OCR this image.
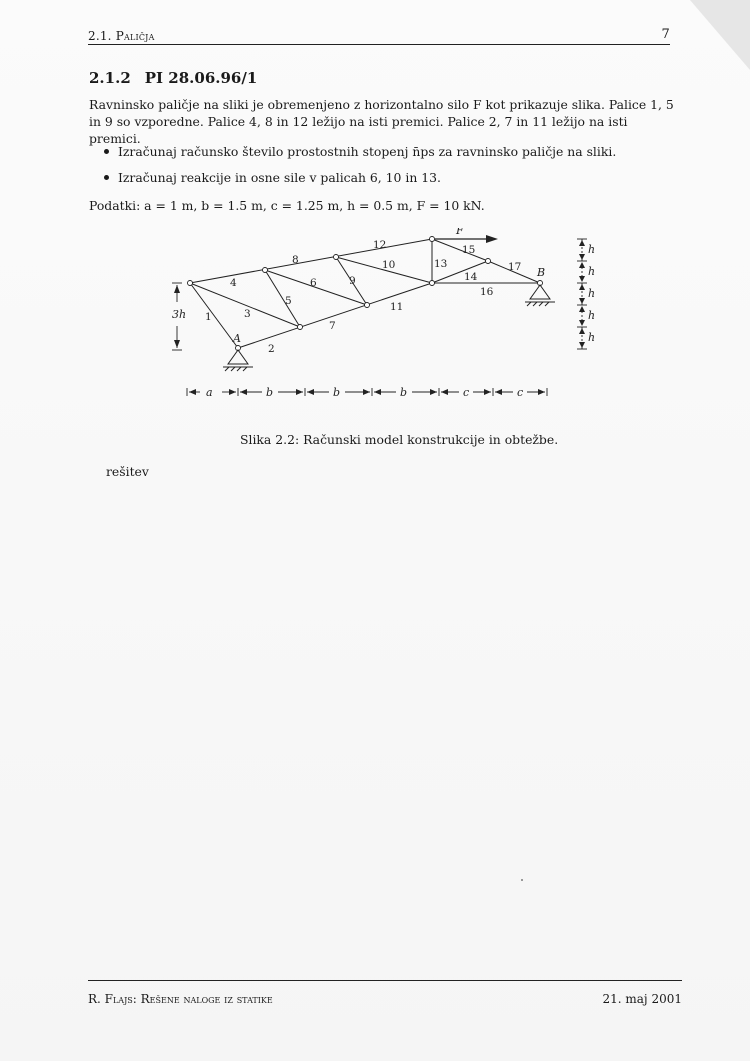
2.1. Paličja	7
2.1.2 PI 28.06.96/1
Ravninsko paličje na sliki je obremenjeno z horizontalno silo F kot prikazuje slika. Palice 1, 5 in 9 so vzporedne. Palice 4, 8 in 12 ležijo na isti premici. Palice 2, 7 in 11 ležijo na isti premici.
Izračunaj računsko število prostostnih stopenj n̄ps za ravninsko paličje na sliki.
Izračunaj reakcije in osne sile v palicah 6, 10 in 13.
Podatki: a = 1 m, b = 1.5 m, c = 1.25 m, h = 0.5 m, F = 10 kN.
F
1
2
3
4
5
6
7
8
9
10
11
12
13
14
15
16
17
A
B
3h
h
h
h
h
h
a	b	b	b	c	c
Slika 2.2: Računski model konstrukcije in obtežbe.
rešitev
R. Flajs: Rešene naloge iz statike	21. maj 2001
